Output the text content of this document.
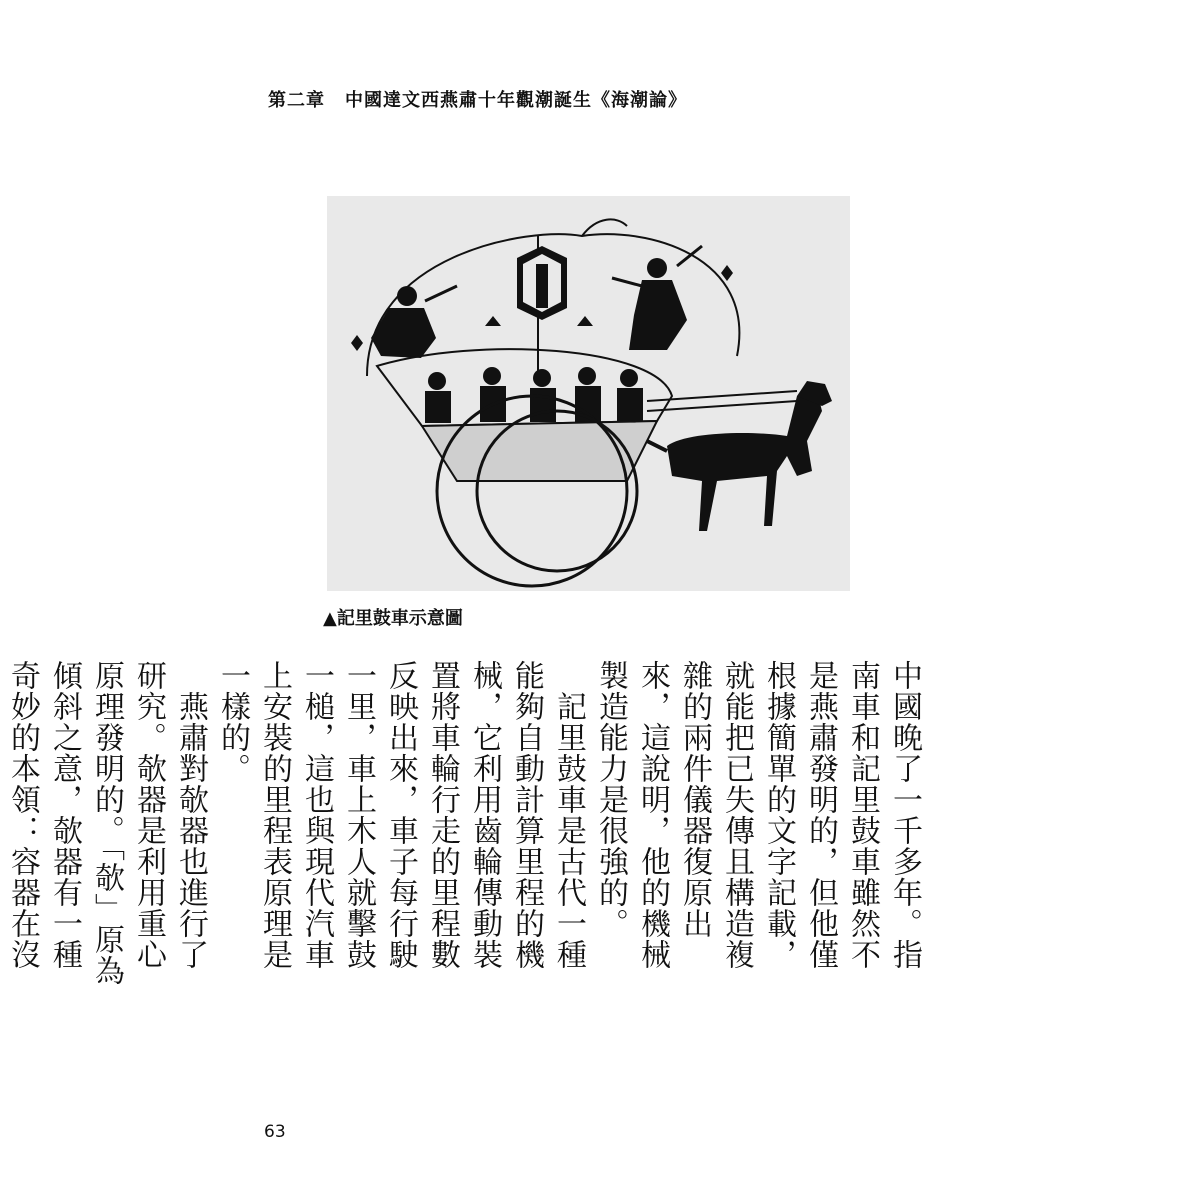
第二章 中國達文西燕肅十年觀潮誕生《海潮論》
▲記里鼓車示意圖

中國晚了一千多年。指南車和記里鼓車雖然不是燕肅發明的，但他僅根據簡單的文字記載，就能把已失傳且構造複雜的兩件儀器復原出來，這說明，他的機械製造能力是很強的。

　記里鼓車是古代一種能夠自動計算里程的機械，它利用齒輪傳動裝置將車輪行走的里程數反映出來，車子每行駛一里，車上木人就擊鼓一槌，這也與現代汽車上安裝的里程表原理是一樣的。

　燕肅對欹器也進行了研究。欹器是利用重心原理發明的。「欹」原為傾斜之意，欹器有一種奇妙的本領：容器在沒

63
